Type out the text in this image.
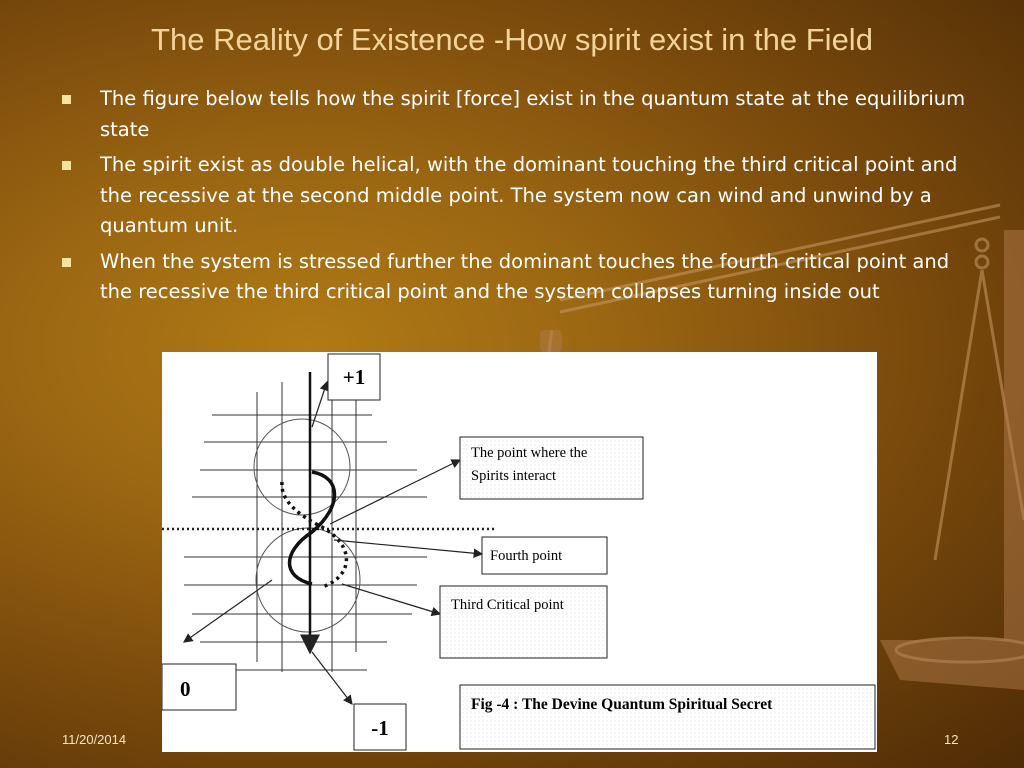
The Reality of Existence -How spirit exist in the Field
The figure below tells how the spirit [force] exist in the quantum state at the equilibrium state
The spirit exist as double helical, with the dominant touching the third critical point and the recessive at the second middle point. The system now can wind and unwind by a quantum unit.
When the system is stressed further the dominant touches the fourth critical point and the recessive the third critical point and the system collapses turning inside out
+1
The point where the
Spirits interact
Fourth point
Third Critical point
0
-1
Fig -4 : The Devine Quantum Spiritual Secret
11/20/2014	12
